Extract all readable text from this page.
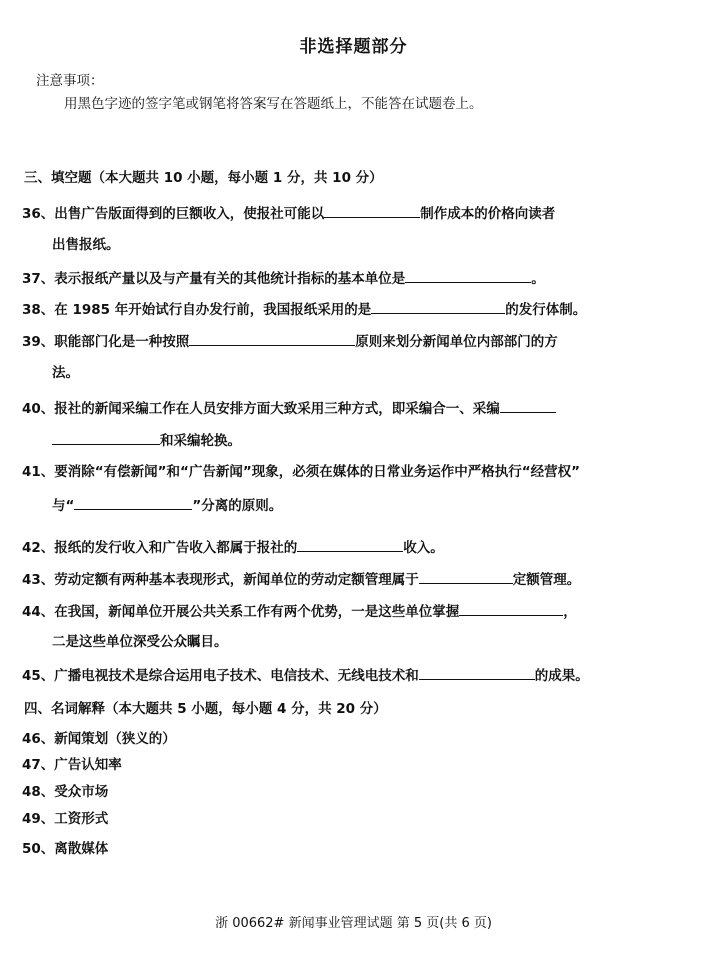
非选择题部分
注意事项：
用黑色字迹的签字笔或钢笔将答案写在答题纸上，不能答在试题卷上。
三、填空题（本大题共 10 小题，每小题 1 分，共 10 分）
36、出售广告版面得到的巨额收入，使报社可能以	制作成本的价格向读者
出售报纸。
37、表示报纸产量以及与产量有关的其他统计指标的基本单位是	。
38、在 1985 年开始试行自办发行前，我国报纸采用的是	的发行体制。
39、职能部门化是一种按照	原则来划分新闻单位内部部门的方
法。
40、报社的新闻采编工作在人员安排方面大致采用三种方式，即采编合一、采编
和采编轮换。
41、要消除“有偿新闻”和“广告新闻”现象，必须在媒体的日常业务运作中严格执行“经营权”
与“	”分离的原则。
42、报纸的发行收入和广告收入都属于报社的	收入。
43、劳动定额有两种基本表现形式，新闻单位的劳动定额管理属于	定额管理。
44、在我国，新闻单位开展公共关系工作有两个优势，一是这些单位掌握	，
二是这些单位深受公众瞩目。
45、广播电视技术是综合运用电子技术、电信技术、无线电技术和	的成果。
四、名词解释（本大题共 5 小题，每小题 4 分，共 20 分）
46、新闻策划（狭义的）
47、广告认知率
48、受众市场
49、工资形式
50、离散媒体
浙 00662# 新闻事业管理试题 第 5 页(共 6 页)
